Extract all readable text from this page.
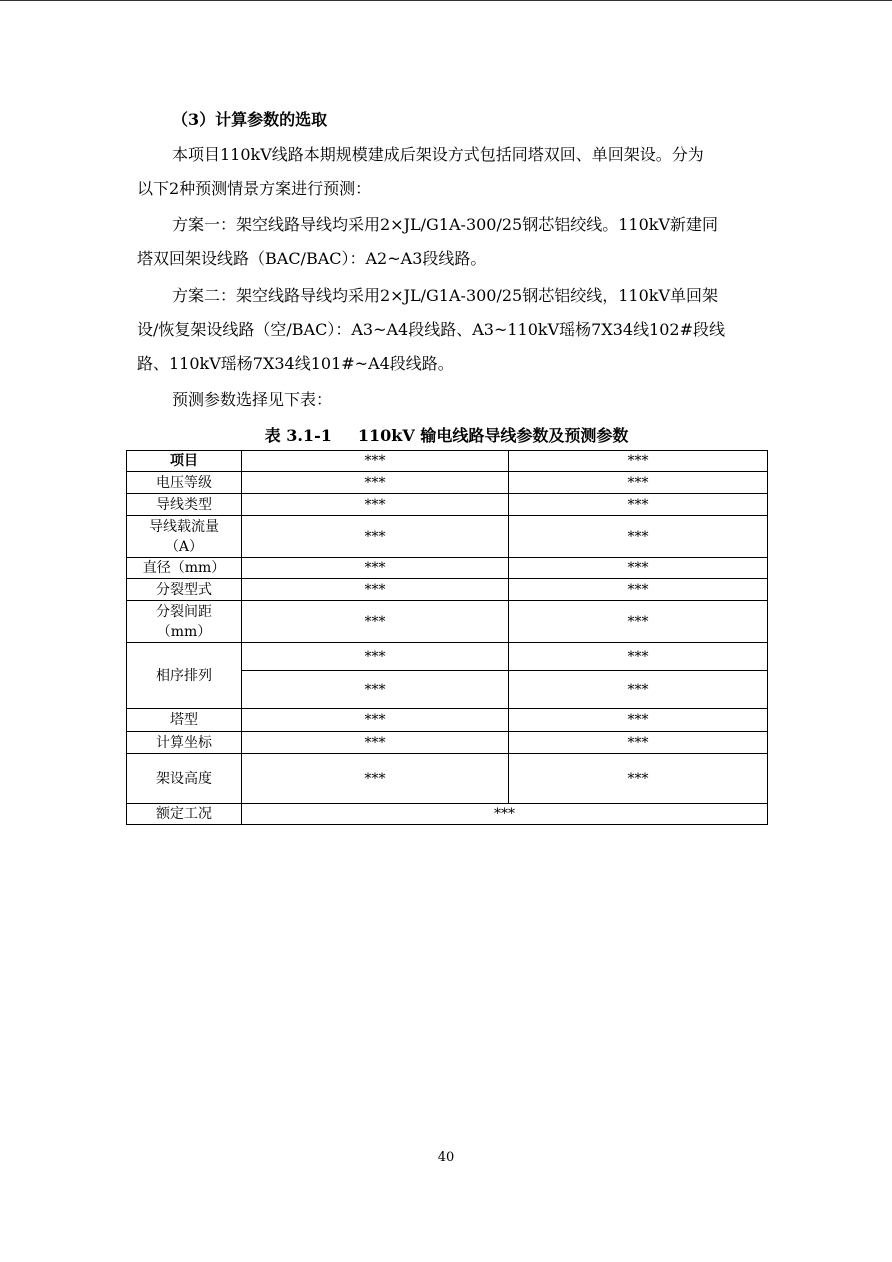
（3）计算参数的选取
本项目110kV线路本期规模建成后架设方式包括同塔双回、单回架设。分为
以下2种预测情景方案进行预测：
方案一：架空线路导线均采用2×JL/G1A-300/25钢芯铝绞线。110kV新建同
塔双回架设线路（BAC/BAC）：A2~A3段线路。
方案二：架空线路导线均采用2×JL/G1A-300/25钢芯铝绞线，110kV单回架
设/恢复架设线路（空/BAC）：A3~A4段线路、A3~110kV瑶杨7X34线102#段线
路、110kV瑶杨7X34线101#~A4段线路。
预测参数选择见下表：
表 3.1-1 110kV 输电线路导线参数及预测参数
项目	***	***
电压等级	***	***
导线类型	***	***
导线载流量
（A）	***	***
直径（mm）	***	***
分裂型式	***	***
分裂间距
（mm）	***	***
相序排列	***	***
	***	***
塔型	***	***
计算坐标	***	***
架设高度	***	***
额定工况	***	
40
